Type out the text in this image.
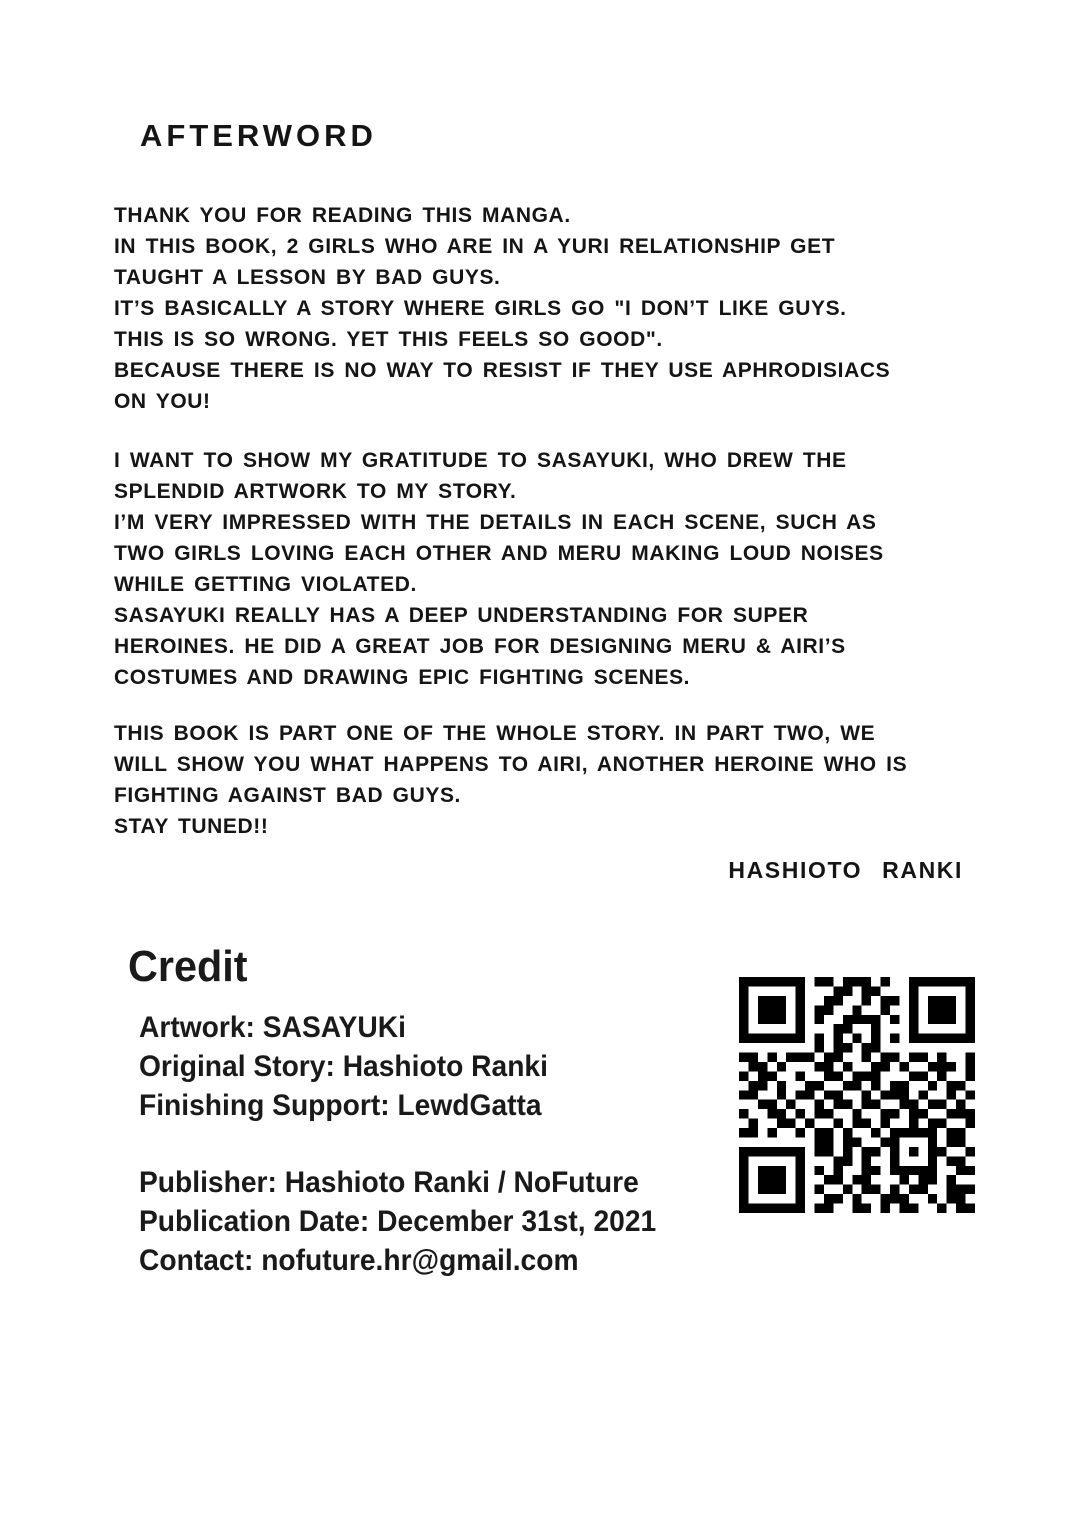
AFTERWORD
THANK YOU FOR READING THIS MANGA.
IN THIS BOOK, 2 GIRLS WHO ARE IN A YURI RELATIONSHIP GET
TAUGHT A LESSON BY BAD GUYS.
IT’S BASICALLY A STORY WHERE GIRLS GO "I DON’T LIKE GUYS.
THIS IS SO WRONG. YET THIS FEELS SO GOOD".
BECAUSE THERE IS NO WAY TO RESIST IF THEY USE APHRODISIACS
ON YOU!
I WANT TO SHOW MY GRATITUDE TO SASAYUKI, WHO DREW THE
SPLENDID ARTWORK TO MY STORY.
I’M VERY IMPRESSED WITH THE DETAILS IN EACH SCENE, SUCH AS
TWO GIRLS LOVING EACH OTHER AND MERU MAKING LOUD NOISES
WHILE GETTING VIOLATED.
SASAYUKI REALLY HAS A DEEP UNDERSTANDING FOR SUPER
HEROINES. HE DID A GREAT JOB FOR DESIGNING MERU & AIRI’S
COSTUMES AND DRAWING EPIC FIGHTING SCENES.
THIS BOOK IS PART ONE OF THE WHOLE STORY. IN PART TWO, WE
WILL SHOW YOU WHAT HAPPENS TO AIRI, ANOTHER HEROINE WHO IS
FIGHTING AGAINST BAD GUYS.
STAY TUNED!!
HASHIOTO RANKI
Credit
Artwork: SASAYUKi
Original Story: Hashioto Ranki
Finishing Support: LewdGatta
Publisher: Hashioto Ranki / NoFuture
Publication Date: December 31st, 2021
Contact: nofuture.hr@gmail.com
